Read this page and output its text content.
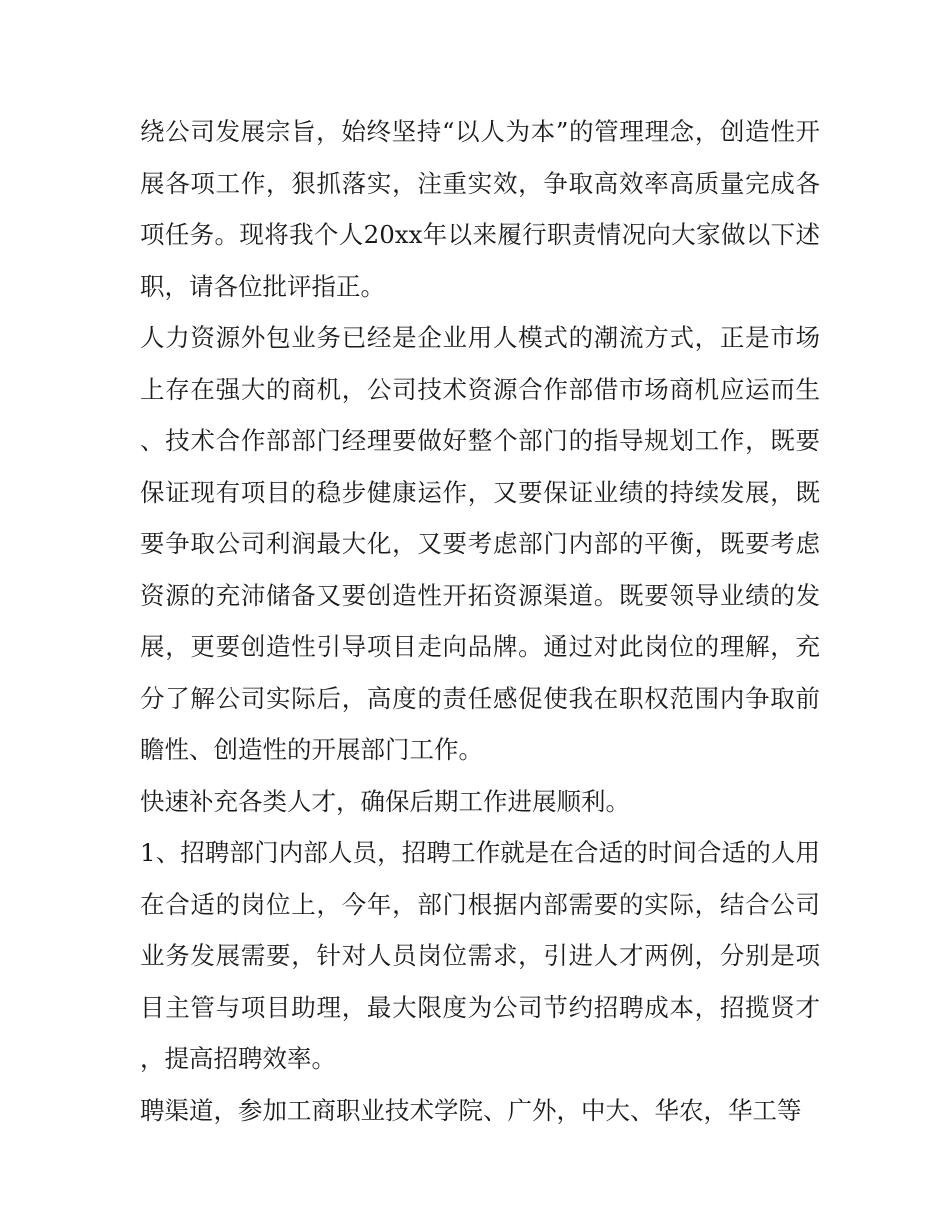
绕公司发展宗旨，始终坚持“以人为本”的管理理念，创造性开展各项工作，狠抓落实，注重实效，争取高效率高质量完成各项任务。现将我个人20xx年以来履行职责情况向大家做以下述职，请各位批评指正。

人力资源外包业务已经是企业用人模式的潮流方式，正是市场上存在强大的商机，公司技术资源合作部借市场商机应运而生、技术合作部部门经理要做好整个部门的指导规划工作，既要保证现有项目的稳步健康运作，又要保证业绩的持续发展，既要争取公司利润最大化，又要考虑部门内部的平衡，既要考虑资源的充沛储备又要创造性开拓资源渠道。既要领导业绩的发展，更要创造性引导项目走向品牌。通过对此岗位的理解，充分了解公司实际后，高度的责任感促使我在职权范围内争取前瞻性、创造性的开展部门工作。

快速补充各类人才，确保后期工作进展顺利。

1、招聘部门内部人员，招聘工作就是在合适的时间合适的人用在合适的岗位上，今年，部门根据内部需要的实际，结合公司业务发展需要，针对人员岗位需求，引进人才两例，分别是项目主管与项目助理，最大限度为公司节约招聘成本，招揽贤才，提高招聘效率。

聘渠道，参加工商职业技术学院、广外，中大、华农，华工等
